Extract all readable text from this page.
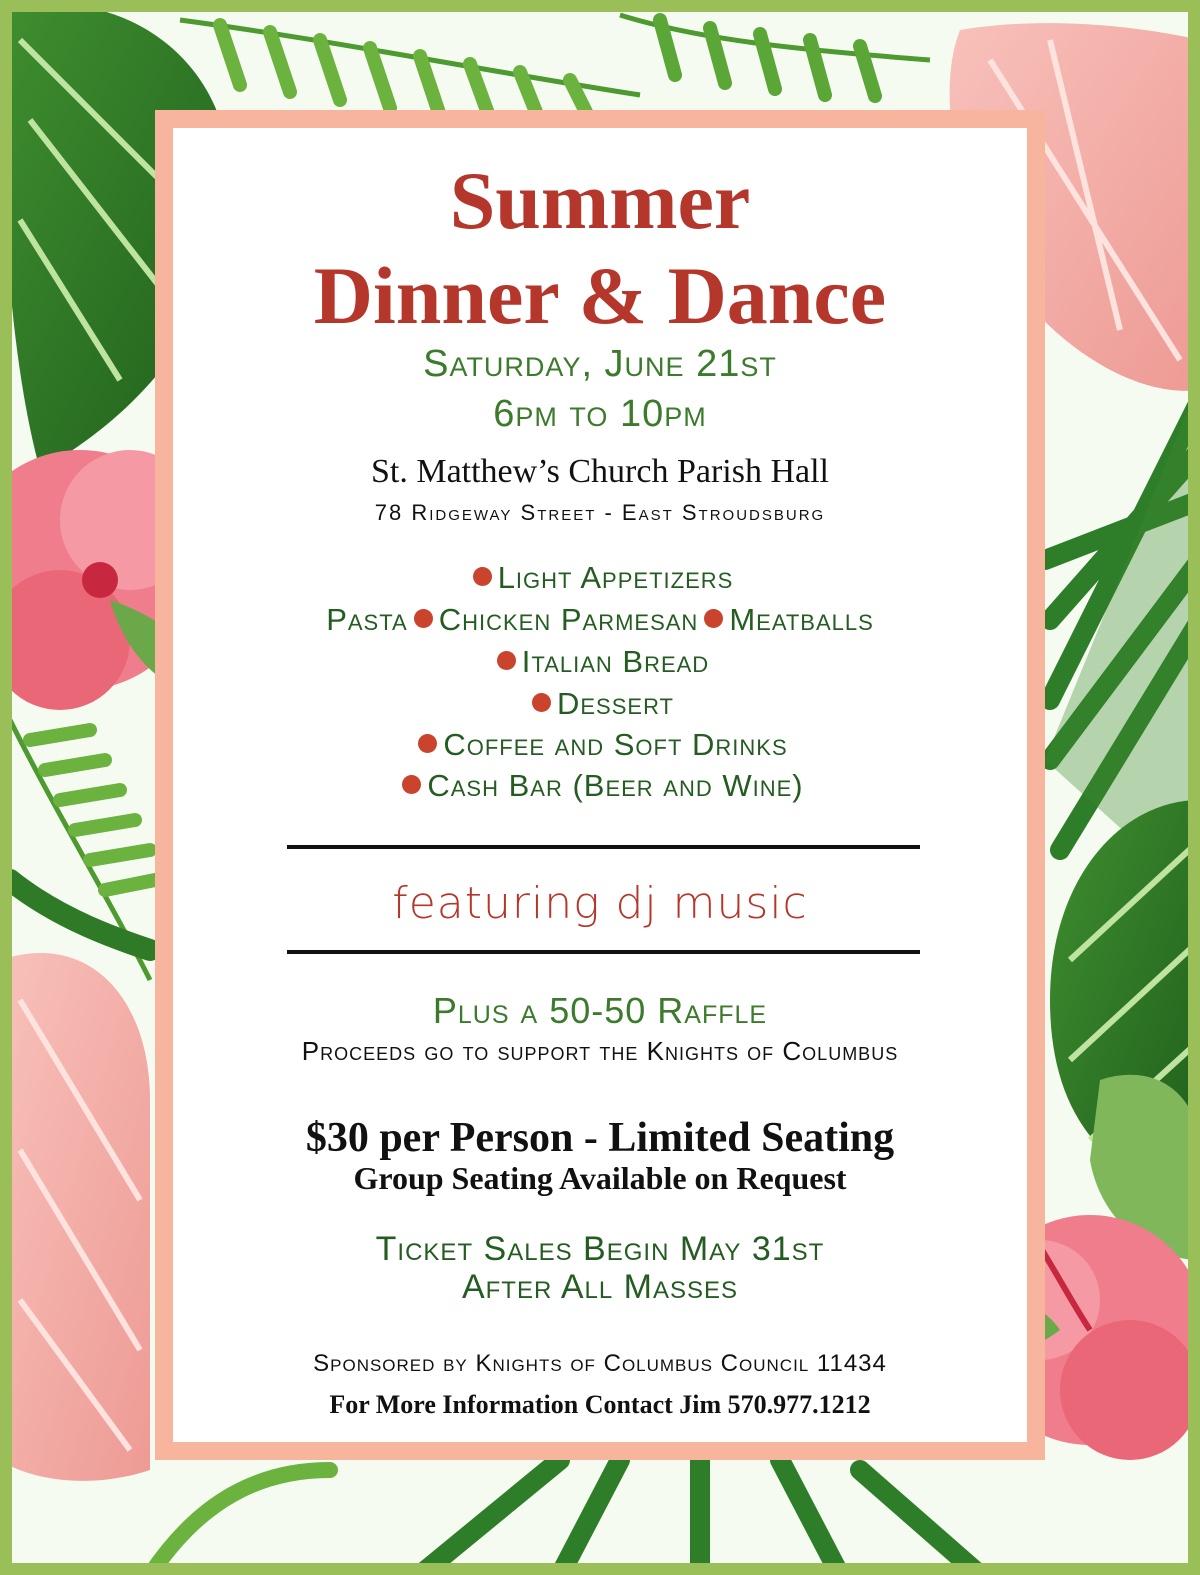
Summer
Dinner & Dance
Saturday, June 21st
6pm to 10pm
St. Matthew’s Church Parish Hall
78 Ridgeway Street - East Stroudsburg
Light Appetizers
Pasta Chicken Parmesan Meatballs
Italian Bread
Dessert
Coffee and Soft Drinks
Cash Bar (Beer and Wine)
featuring dj music
Plus a 50-50 Raffle
Proceeds go to support the Knights of Columbus
$30 per Person - Limited Seating
Group Seating Available on Request
Ticket Sales Begin May 31st
After All Masses
Sponsored by Knights of Columbus Council 11434
For More Information Contact Jim 570.977.1212
